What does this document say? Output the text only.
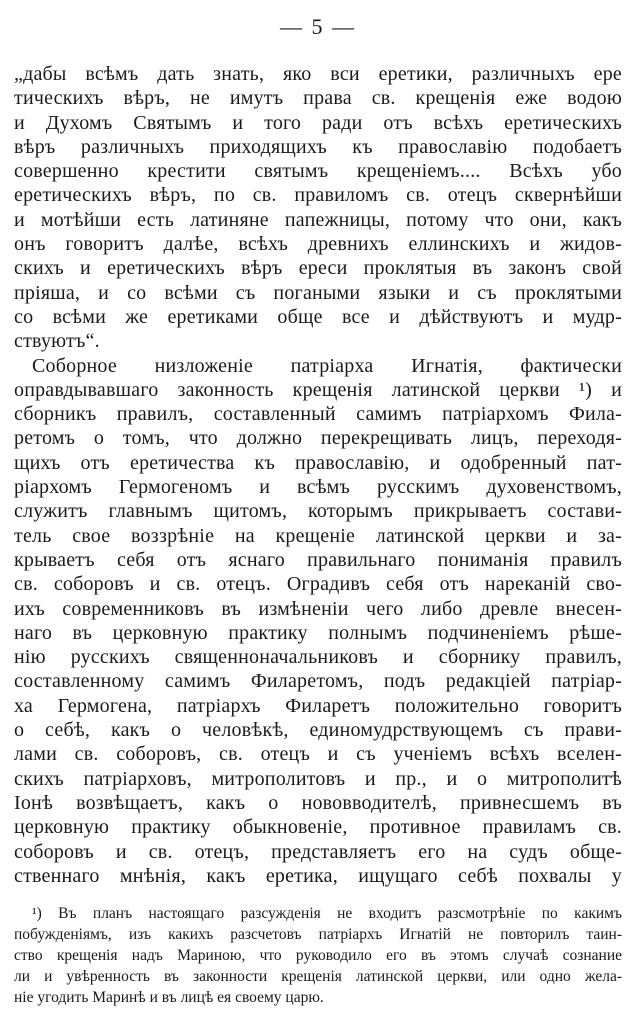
— 5 —
„дабы всѣмъ дать знать, яко вси еретики, различныхъ ере
тическихъ вѣръ, не имутъ права св. крещенія еже водою
и Духомъ Святымъ и того ради отъ всѣхъ еретическихъ
вѣръ различныхъ приходящихъ къ православію подобаетъ
совершенно крестити святымъ крещеніемъ.... Всѣхъ убо
еретическихъ вѣръ, по св. правиломъ св. отецъ сквернѣйши
и мотѣйши есть латиняне папежницы, потому что они, какъ
онъ говоритъ далѣе, всѣхъ древнихъ еллинскихъ и жидов-
скихъ и еретическихъ вѣръ ереси проклятыя въ законъ свой
пріяша, и со всѣми съ погаными языки и съ проклятыми
со всѣми же еретиками обще все и дѣйствуютъ и мудр-
ствуютъ“.
Соборное низложеніе патріарха Игнатія, фактически
оправдывавшаго законность крещенія латинской церкви ¹) и
сборникъ правилъ, составленный самимъ патріархомъ Фила-
ретомъ о томъ, что должно перекрещивать лицъ, переходя-
щихъ отъ еретичества къ православію, и одобренный пат-
ріархомъ Гермогеномъ и всѣмъ русскимъ духовенствомъ,
служитъ главнымъ щитомъ, которымъ прикрываетъ состави-
тель свое воззрѣніе на крещеніе латинской церкви и за-
крываетъ себя отъ яснаго правильнаго пониманія правилъ
св. соборовъ и св. отецъ. Оградивъ себя отъ нареканій сво-
ихъ современниковъ въ измѣненіи чего либо древле внесен-
наго въ церковную практику полнымъ подчиненіемъ рѣше-
нію русскихъ священноначальниковъ и сборнику правилъ,
составленному самимъ Филаретомъ, подъ редакціей патріар-
ха Гермогена, патріархъ Филаретъ положительно говоритъ
о себѣ, какъ о человѣкѣ, единомудрствующемъ съ прави-
лами св. соборовъ, св. отецъ и съ ученіемъ всѣхъ вселен-
скихъ патріарховъ, митрополитовъ и пр., и о митрополитѣ
Іонѣ возвѣщаетъ, какъ о нововводителѣ, привнесшемъ въ
церковную практику обыкновеніе, противное правиламъ св.
соборовъ и св. отецъ, представляетъ его на судъ обще-
ственнаго мнѣнія, какъ еретика, ищущаго себѣ похвалы у
¹) Въ планъ настоящаго разсужденія не входитъ разсмотрѣніе по какимъ
побужденіямъ, изъ какихъ разсчетовъ патріархъ Игнатій не повторилъ таин-
ство крещенія надъ Мариною, что руководило его въ этомъ случаѣ сознание
ли и увѣренность въ законности крещенія латинской церкви, или одно жела-
ніе угодить Маринѣ и въ лицѣ ея своему царю.
